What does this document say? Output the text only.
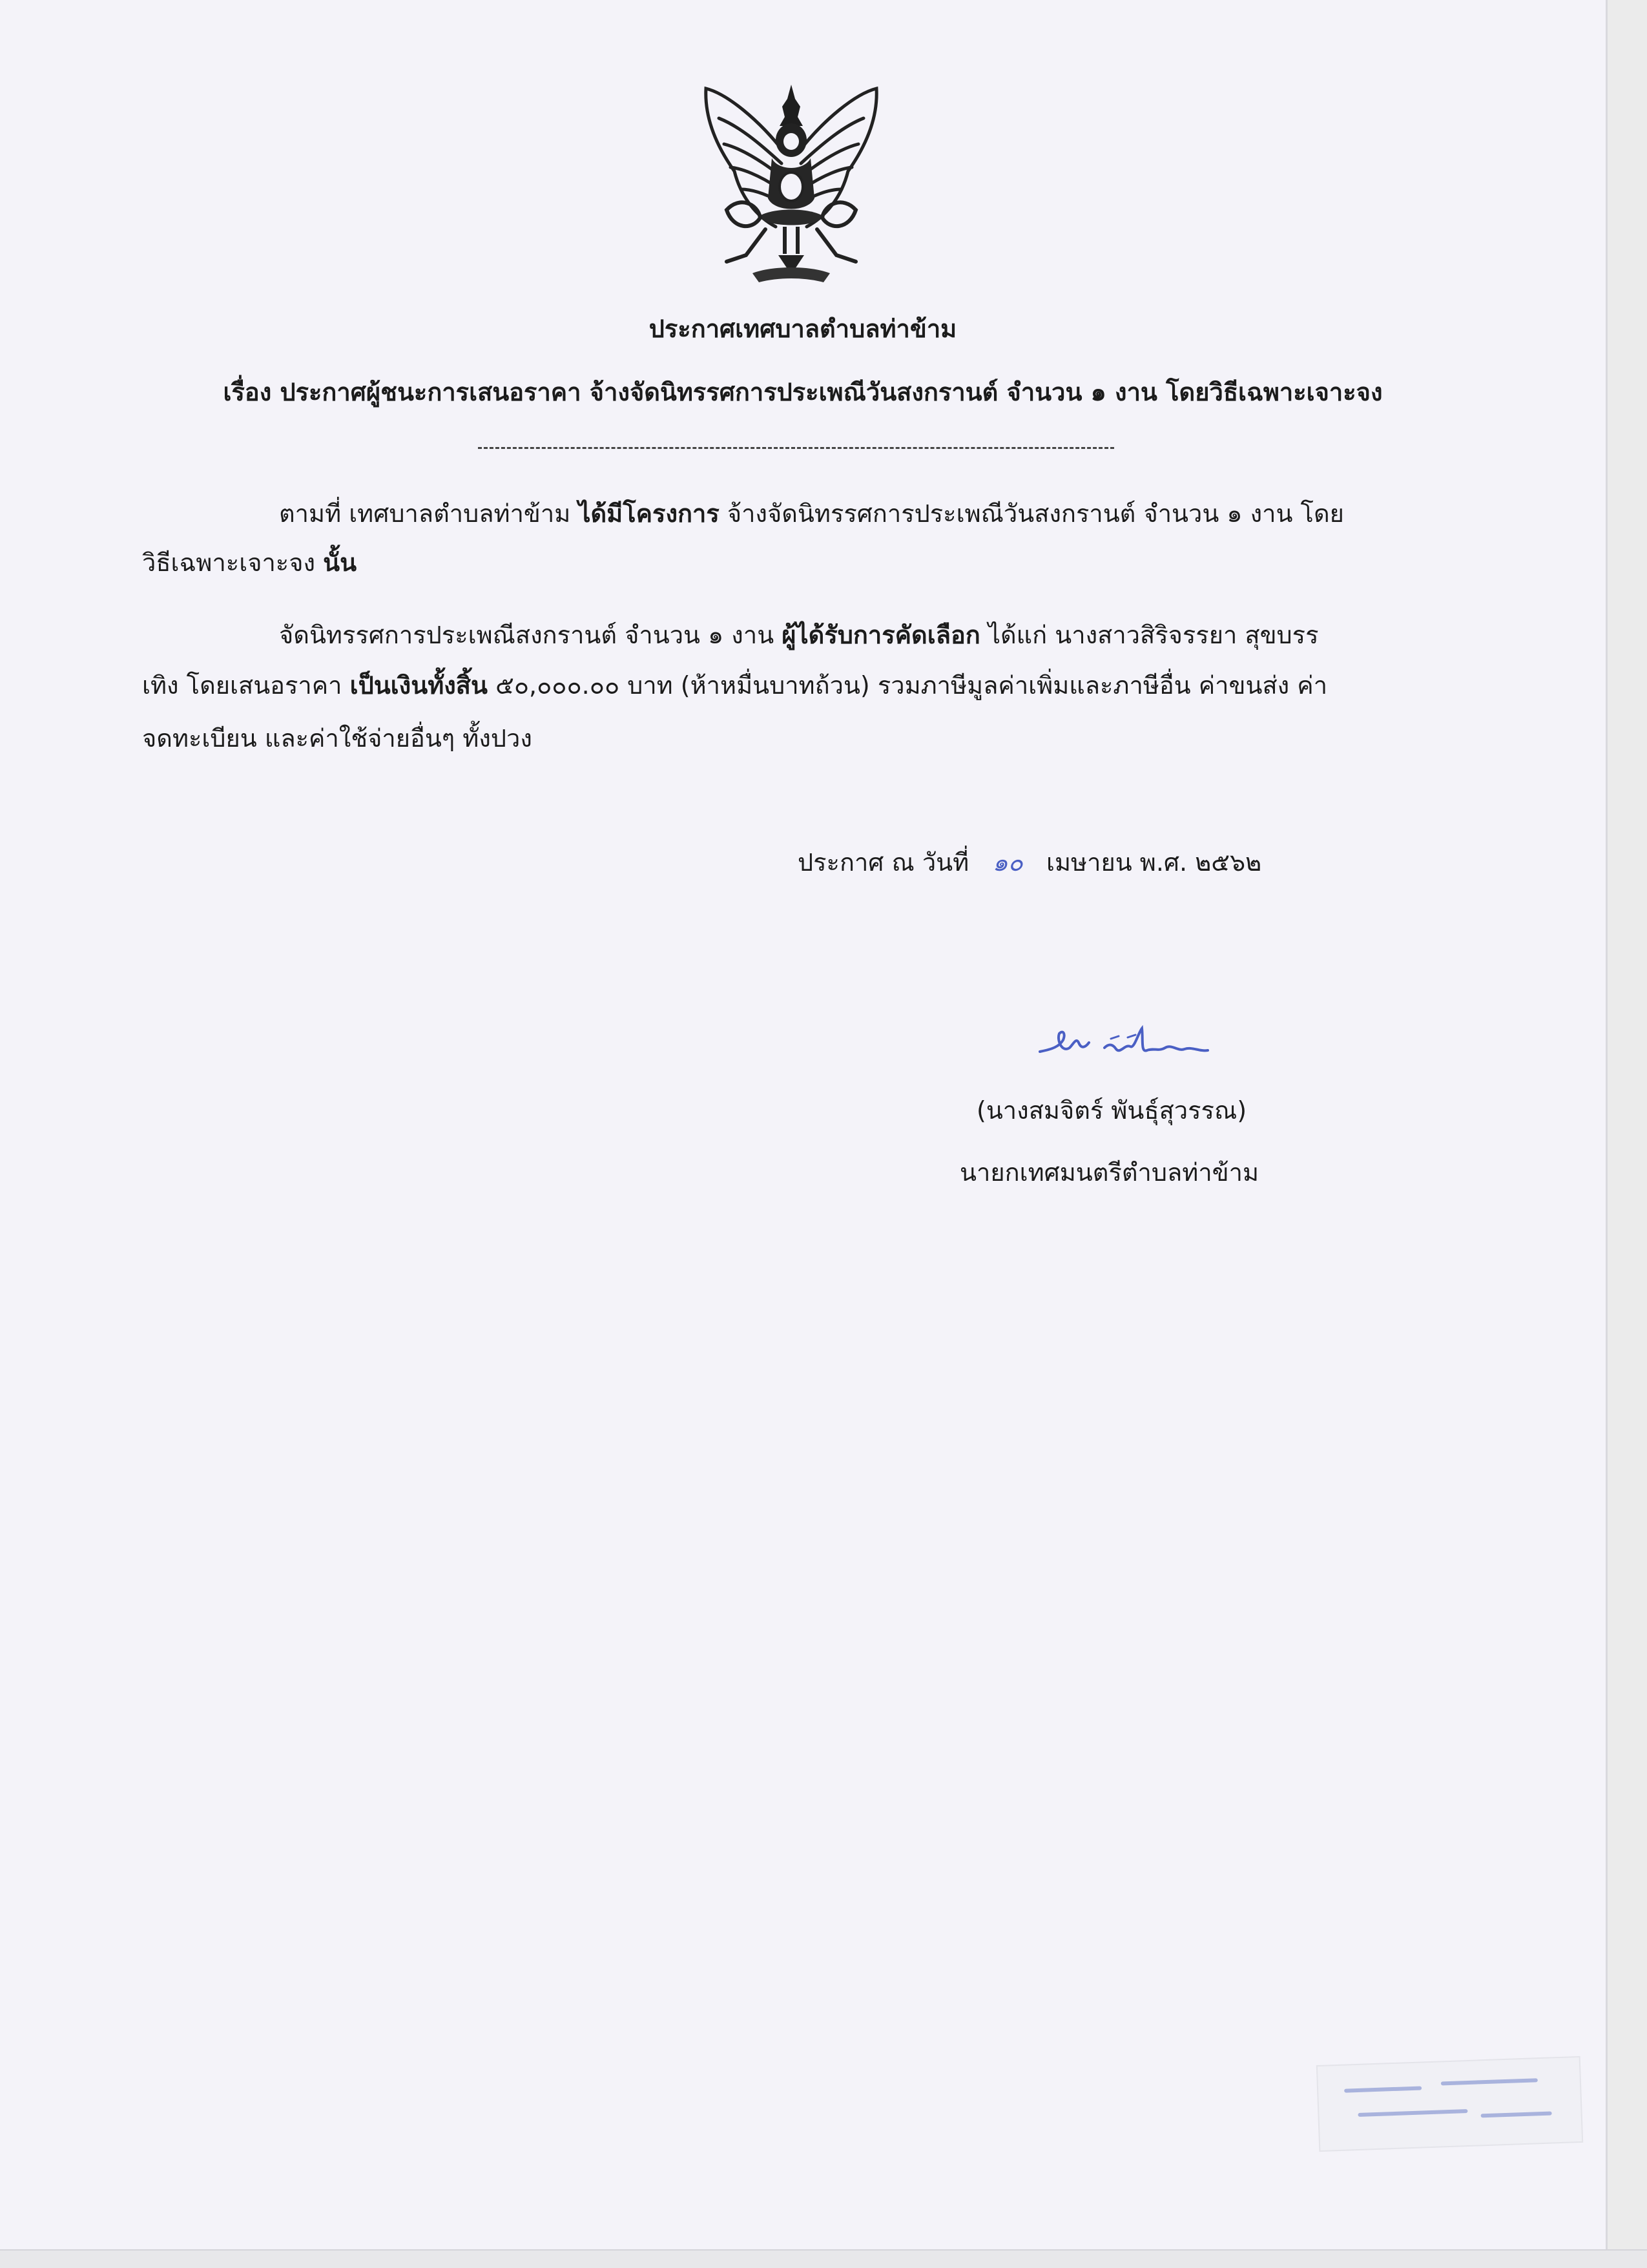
ประกาศเทศบาลตำบลท่าข้าม
เรื่อง ประกาศผู้ชนะการเสนอราคา จ้างจัดนิทรรศการประเพณีวันสงกรานต์ จำนวน ๑ งาน โดยวิธีเฉพาะเจาะจง
ตามที่ เทศบาลตำบลท่าข้าม ได้มีโครงการ จ้างจัดนิทรรศการประเพณีวันสงกรานต์ จำนวน ๑ งาน โดย
วิธีเฉพาะเจาะจง นั้น
จัดนิทรรศการประเพณีสงกรานต์ จำนวน ๑ งาน ผู้ได้รับการคัดเลือก ได้แก่ นางสาวสิริจรรยา สุขบรร
เทิง โดยเสนอราคา เป็นเงินทั้งสิ้น ๕๐,๐๐๐.๐๐ บาท (ห้าหมื่นบาทถ้วน) รวมภาษีมูลค่าเพิ่มและภาษีอื่น ค่าขนส่ง ค่า
จดทะเบียน และค่าใช้จ่ายอื่นๆ ทั้งปวง
ประกาศ ณ วันที่ ๑๐ เมษายน พ.ศ. ๒๕๖๒
(นางสมจิตร์ พันธุ์สุวรรณ)
นายกเทศมนตรีตำบลท่าข้าม
